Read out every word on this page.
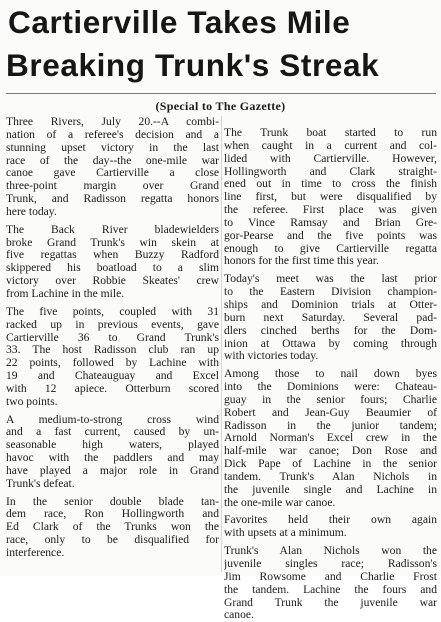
Cartierville Takes Mile
Breaking Trunk's Streak
(Special to The Gazette)
Three Rivers, July 20.--A combi-
nation of a referee's decision and a
stunning upset victory in the last
race of the day--the one-mile war
canoe gave Cartierville a close
three-point margin over Grand
Trunk, and Radisson regatta honors
here today.
The Back River bladewielders
broke Grand Trunk's win skein at
five regattas when Buzzy Radford
skippered his boatload to a slim
victory over Robbie Skeates' crew
from Lachine in the mile.
The five points, coupled with 31
racked up in previous events, gave
Cartierville 36 to Grand Trunk's
33. The host Radisson club ran up
22 points, followed by Lachine with
19 and Chateauguay and Excel
with 12 apiece. Otterburn scored
two points.
A medium-to-strong cross wind
and a fast current, caused by un-
seasonable high waters, played
havoc with the paddlers and may
have played a major role in Grand
Trunk's defeat.
In the senior double blade tan-
dem race, Ron Hollingworth and
Ed Clark of the Trunks won the
race, only to be disqualified for
interference.
The Trunk boat started to run
when caught in a current and col-
lided with Cartierville. However,
Hollingworth and Clark straight-
ened out in time to cross the finish
line first, but were disqualified by
the referee. First place was given
to Vince Ramsay and Brian Gre-
gor-Pearse and the five points was
enough to give Cartierville regatta
honors for the first time this year.
Today's meet was the last prior
to the Eastern Division champion-
ships and Dominion trials at Otter-
burn next Saturday. Several pad-
dlers cinched berths for the Dom-
inion at Ottawa by coming through
with victories today.
Among those to nail down byes
into the Dominions were: Chateau-
guay in the senior fours; Charlie
Robert and Jean-Guy Beaumier of
Radisson in the junior tandem;
Arnold Norman's Excel crew in the
half-mile war canoe; Don Rose and
Dick Pape of Lachine in the senior
tandem. Trunk's Alan Nichols in
the juvenile single and Lachine in
the one-mile war canoe.
Favorites held their own again
with upsets at a minimum.
Trunk's Alan Nichols won the
juvenile singles race; Radisson's
Jim Rowsome and Charlie Frost
the tandem. Lachine the fours and
Grand Trunk the juvenile war
canoe.
